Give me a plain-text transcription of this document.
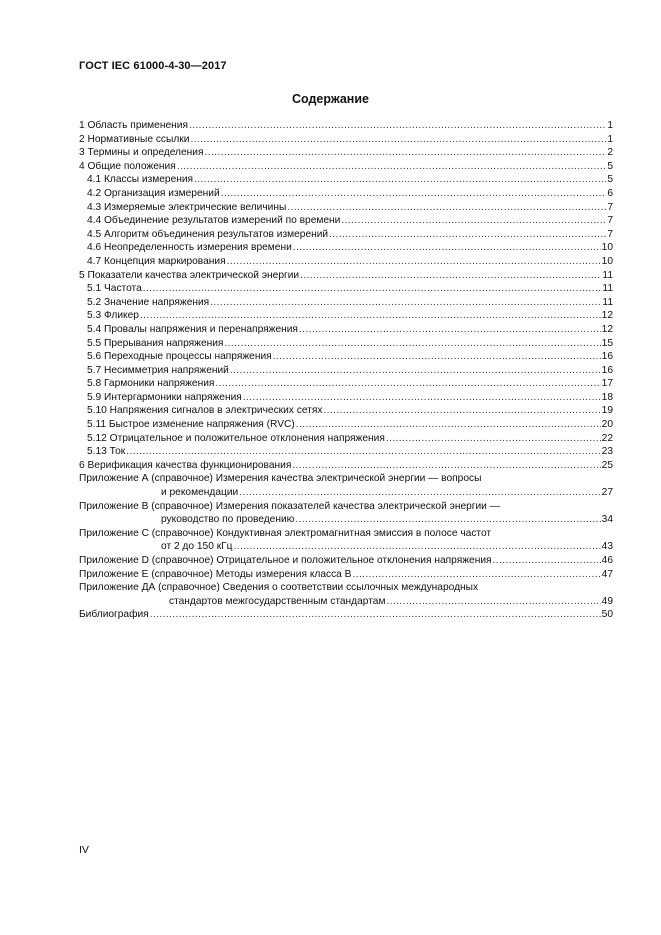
ГОСТ IEC 61000-4-30—2017
Содержание
1 Область применения .....	1
2 Нормативные ссылки .....	1
3 Термины и определения .....	2
4 Общие положения .....	5
4.1 Классы измерения .....	5
4.2 Организация измерений .....	6
4.3 Измеряемые электрические величины .....	7
4.4 Объединение результатов измерений по времени .....	7
4.5 Алгоритм объединения результатов измерений .....	7
4.6 Неопределенность измерения времени .....	10
4.7 Концепция маркирования .....	10
5 Показатели качества электрической энергии .....	11
5.1 Частота .....	11
5.2 Значение напряжения .....	11
5.3 Фликер .....	12
5.4 Провалы напряжения и перенапряжения .....	12
5.5 Прерывания напряжения .....	15
5.6 Переходные процессы напряжения .....	16
5.7 Несимметрия напряжений .....	16
5.8 Гармоники напряжения .....	17
5.9 Интергармоники напряжения .....	18
5.10 Напряжения сигналов в электрических сетях .....	19
5.11 Быстрое изменение напряжения (RVC) .....	20
5.12 Отрицательное и положительное отклонения напряжения .....	22
5.13 Ток .....	23
6 Верификация качества функционирования .....	25
Приложение А (справочное) Измерения качества электрической энергии — вопросы
и рекомендации .....	27
Приложение В (справочное) Измерения показателей качества электрической энергии —
руководство по проведению .....	34
Приложение С (справочное) Кондуктивная электромагнитная эмиссия в полосе частот
от 2 до 150 кГц .....	43
Приложение D (справочное) Отрицательное и положительное отклонения напряжения .....	46
Приложение Е (справочное) Методы измерения класса В .....	47
Приложение ДА (справочное) Сведения о соответствии ссылочных международных
стандартов межгосударственным стандартам .....	49
Библиография .....	50
IV
